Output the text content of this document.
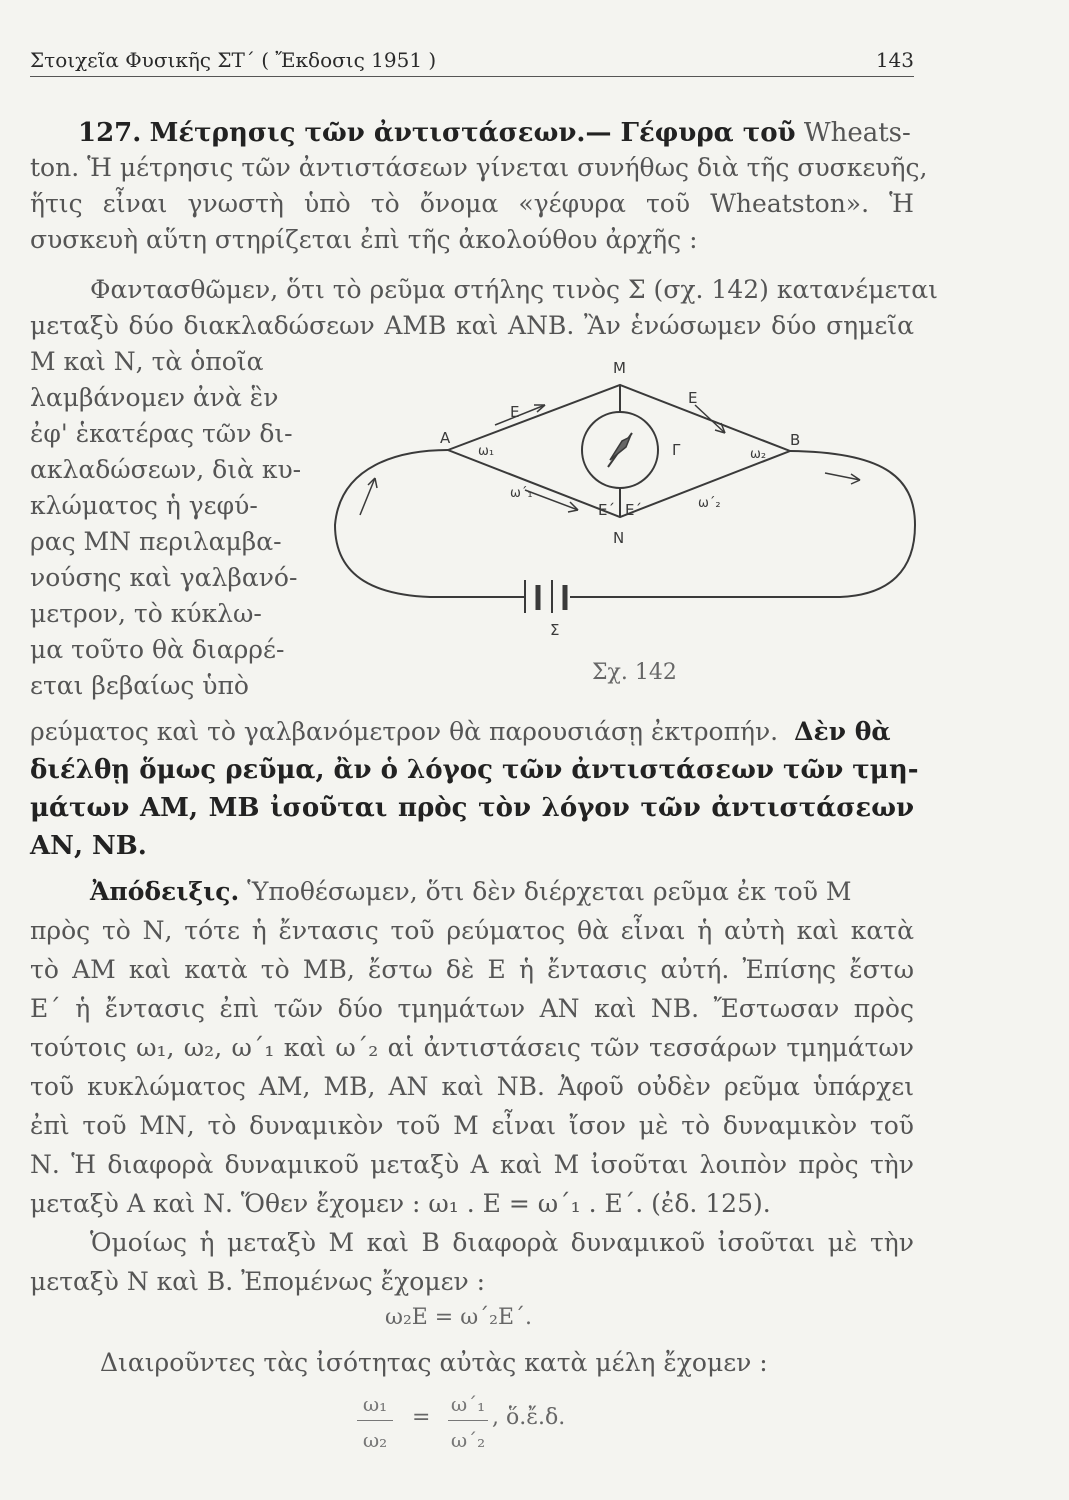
Στοιχεῖα Φυσικῆς ΣΤ΄ ( Ἔκδοσις 1951 )	143
127. Μέτρησις τῶν ἀντιστάσεων.— Γέφυρα τοῦ Wheats-
ton. Ἡ μέτρησις τῶν ἀντιστάσεων γίνεται συνήθως διὰ τῆς συσκευῆς,
ἥτις εἶναι γνωστὴ ὑπὸ τὸ ὄνομα «γέφυρα τοῦ Wheatston». Ἡ
συσκευὴ αὕτη στηρίζεται ἐπὶ τῆς ἀκολούθου ἀρχῆς :
Φαντασθῶμεν, ὅτι τὸ ρεῦμα στήλης τινὸς Σ (σχ. 142) κατανέμεται
μεταξὺ δύο διακλαδώσεων ΑΜΒ καὶ ΑΝΒ. Ἂν ἑνώσωμεν δύο σημεῖα
Μ καὶ Ν, τὰ ὁποῖα
λαμβάνομεν ἀνὰ ἓν
ἐφ' ἑκατέρας τῶν δι-
ακλαδώσεων, διὰ κυ-
κλώματος ἡ γεφύ-
ρας ΜΝ περιλαμβα-
νούσης καὶ γαλβανό-
μετρον, τὸ κύκλω-
μα τοῦτο θὰ διαρρέ-
εται βεβαίως ὑπὸ
M
N
A	B
Σ
E
E
E΄ E΄
Γ
ω₁	ω₂
ω΄₁
ω΄₂
Σχ. 142
ρεύματος καὶ τὸ γαλβανόμετρον θὰ παρουσιάσῃ ἐκτροπήν. Δὲν θὰ
διέλθῃ ὅμως ρεῦμα, ἂν ὁ λόγος τῶν ἀντιστάσεων τῶν τμη-
μάτων ΑΜ, ΜΒ ἰσοῦται πρὸς τὸν λόγον τῶν ἀντιστάσεων
ΑΝ, ΝΒ.
Ἀπόδειξις. Ὑποθέσωμεν, ὅτι δὲν διέρχεται ρεῦμα ἐκ τοῦ Μ
πρὸς τὸ Ν, τότε ἡ ἔντασις τοῦ ρεύματος θὰ εἶναι ἡ αὐτὴ καὶ κατὰ
τὸ ΑΜ καὶ κατὰ τὸ ΜΒ, ἔστω δὲ Ε ἡ ἔντασις αὐτή. Ἐπίσης ἔστω
Ε΄ ἡ ἔντασις ἐπὶ τῶν δύο τμημάτων ΑΝ καὶ ΝΒ. Ἔστωσαν πρὸς
τούτοις ω₁, ω₂, ω΄₁ καὶ ω΄₂ αἱ ἀντιστάσεις τῶν τεσσάρων τμημάτων
τοῦ κυκλώματος ΑΜ, ΜΒ, ΑΝ καὶ ΝΒ. Ἀφοῦ οὐδὲν ρεῦμα ὑπάρχει
ἐπὶ τοῦ ΜΝ, τὸ δυναμικὸν τοῦ Μ εἶναι ἴσον μὲ τὸ δυναμικὸν τοῦ
Ν. Ἡ διαφορὰ δυναμικοῦ μεταξὺ Α καὶ Μ ἰσοῦται λοιπὸν πρὸς τὴν
μεταξὺ Α καὶ Ν. Ὅθεν ἔχομεν : ω₁ . Ε = ω΄₁ . Ε΄. (ἐδ. 125).
Ὁμοίως ἡ μεταξὺ Μ καὶ Β διαφορὰ δυναμικοῦ ἰσοῦται μὲ τὴν
μεταξὺ Ν καὶ Β. Ἐπομένως ἔχομεν :
ω₂Ε = ω΄₂Ε΄.
Διαιροῦντες τὰς ἰσότητας αὐτὰς κατὰ μέλη ἔχομεν :
ω₁
ω₂
=
ω΄₁
ω΄₂
, ὅ.ἔ.δ.
